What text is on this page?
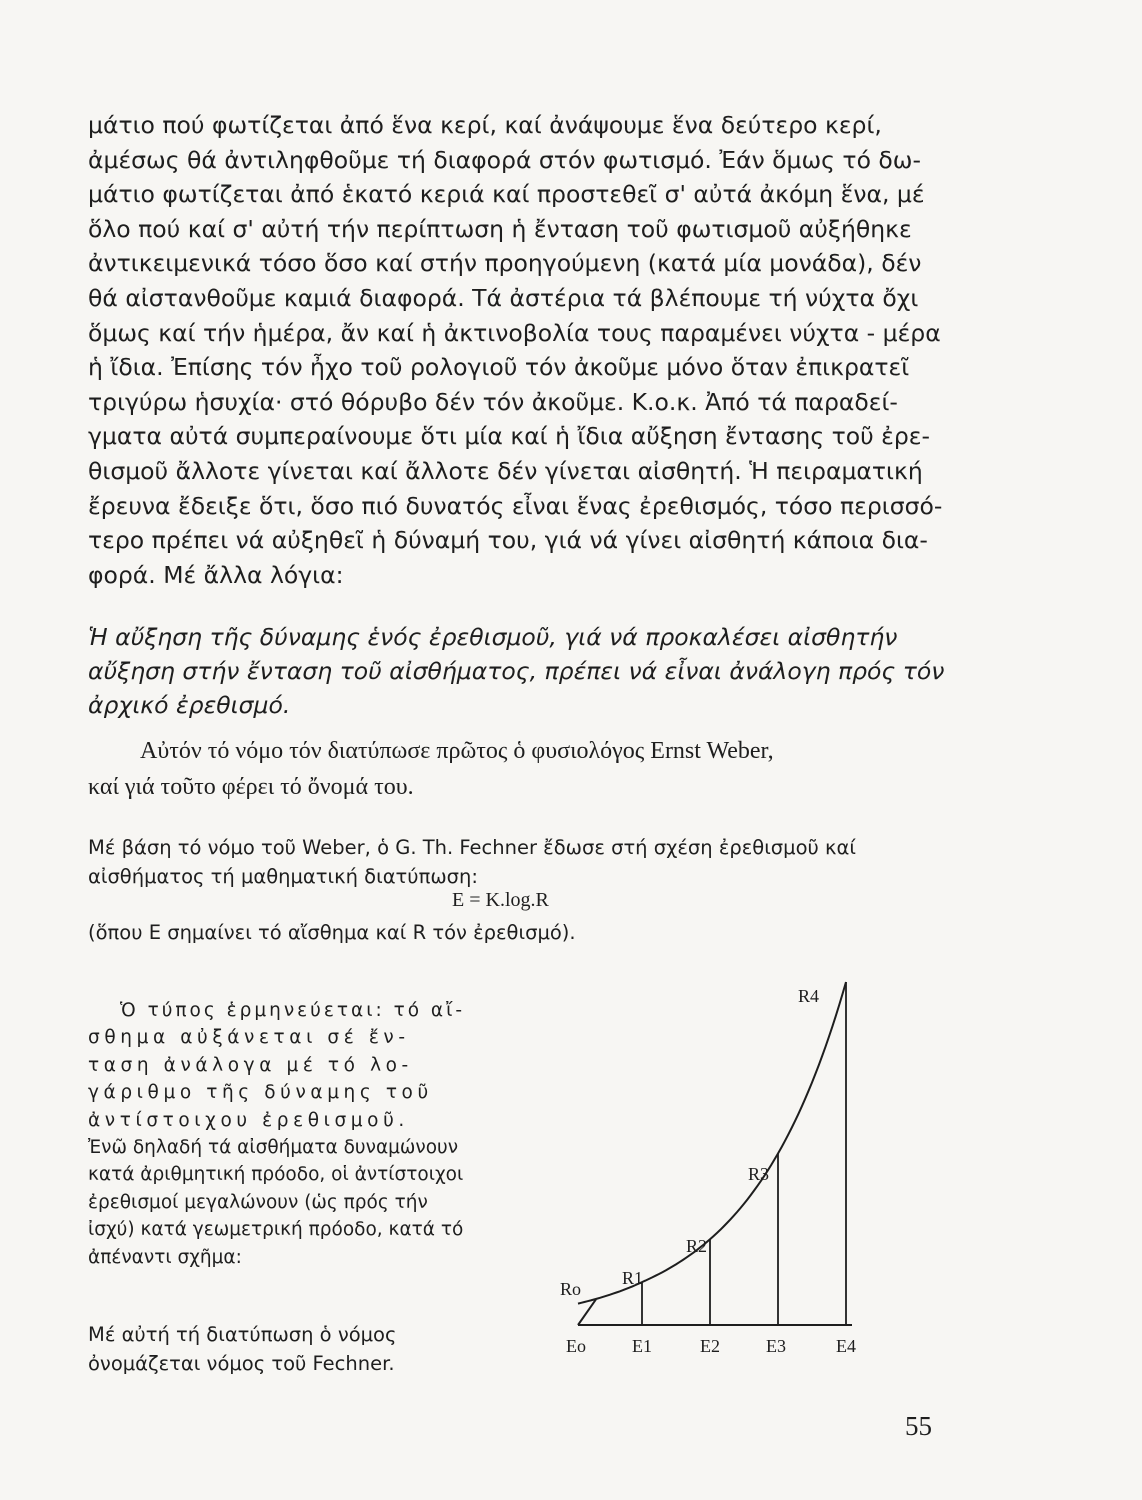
μάτιο πού φωτίζεται ἀπό ἕνα κερί, καί ἀνάψουμε ἕνα δεύτερο κερί,
ἀμέσως θά ἀντιληφθοῦμε τή διαφορά στόν φωτισμό. Ἐάν ὅμως τό δω-
μάτιο φωτίζεται ἀπό ἑκατό κεριά καί προστεθεῖ σ' αὐτά ἀκόμη ἕνα, μέ
ὅλο πού καί σ' αὐτή τήν περίπτωση ἡ ἔνταση τοῦ φωτισμοῦ αὐξήθηκε
ἀντικειμενικά τόσο ὅσο καί στήν προηγούμενη (κατά μία μονάδα), δέν
θά αἰστανθοῦμε καμιά διαφορά. Τά ἀστέρια τά βλέπουμε τή νύχτα ὄχι
ὅμως καί τήν ἡμέρα, ἄν καί ἡ ἀκτινοβολία τους παραμένει νύχτα - μέρα
ἡ ἴδια. Ἐπίσης τόν ἦχο τοῦ ρολογιοῦ τόν ἀκοῦμε μόνο ὅταν ἐπικρατεῖ
τριγύρω ἡσυχία· στό θόρυβο δέν τόν ἀκοῦμε. Κ.ο.κ. Ἀπό τά παραδεί-
γματα αὐτά συμπεραίνουμε ὅτι μία καί ἡ ἴδια αὔξηση ἔντασης τοῦ ἐρε-
θισμοῦ ἄλλοτε γίνεται καί ἄλλοτε δέν γίνεται αἰσθητή. Ἡ πειραματική
ἔρευνα ἔδειξε ὅτι, ὅσο πιό δυνατός εἶναι ἕνας ἐρεθισμός, τόσο περισσό-
τερο πρέπει νά αὐξηθεῖ ἡ δύναμή του, γιά νά γίνει αἰσθητή κάποια δια-
φορά. Μέ ἄλλα λόγια:

Ἡ αὔξηση τῆς δύναμης ἑνός ἐρεθισμοῦ, γιά νά προκαλέσει αἰσθητήν
αὔξηση στήν ἔνταση τοῦ αἰσθήματος, πρέπει νά εἶναι ἀνάλογη πρός τόν
ἀρχικό ἐρεθισμό.

Αὐτόν τό νόμο τόν διατύπωσε πρῶτος ὁ φυσιολόγος Ernst Weber,
καί γιά τοῦτο φέρει τό ὄνομά του.

Μέ βάση τό νόμο τοῦ Weber, ὁ G. Th. Fechner ἔδωσε στή σχέση ἐρεθισμοῦ καί
αἰσθήματος τή μαθηματική διατύπωση:

E = K.log.R

(ὅπου E σημαίνει τό αἴσθημα καί R τόν ἐρεθισμό).

Ὁ τύπος ἑρμηνεύεται: τό αἴ-
σθημα αὐξάνεται σέ ἔν-
ταση ἀνάλογα μέ τό λο-
γάριθμο τῆς δύναμης τοῦ
ἀντίστοιχου ἐρεθισμοῦ.
Ἐνῶ δηλαδή τά αἰσθήματα δυναμώνουν
κατά ἀριθμητική πρόοδο, οἱ ἀντίστοιχοι
ἐρεθισμοί μεγαλώνουν (ὡς πρός τήν
ἰσχύ) κατά γεωμετρική πρόοδο, κατά τό
ἀπέναντι σχῆμα:

Μέ αὐτή τή διατύπωση ὁ νόμος
ὀνομάζεται νόμος τοῦ Fechner.

Eo	E1	E2	E3	E4
Ro
R1
R2
R3
R4

55
